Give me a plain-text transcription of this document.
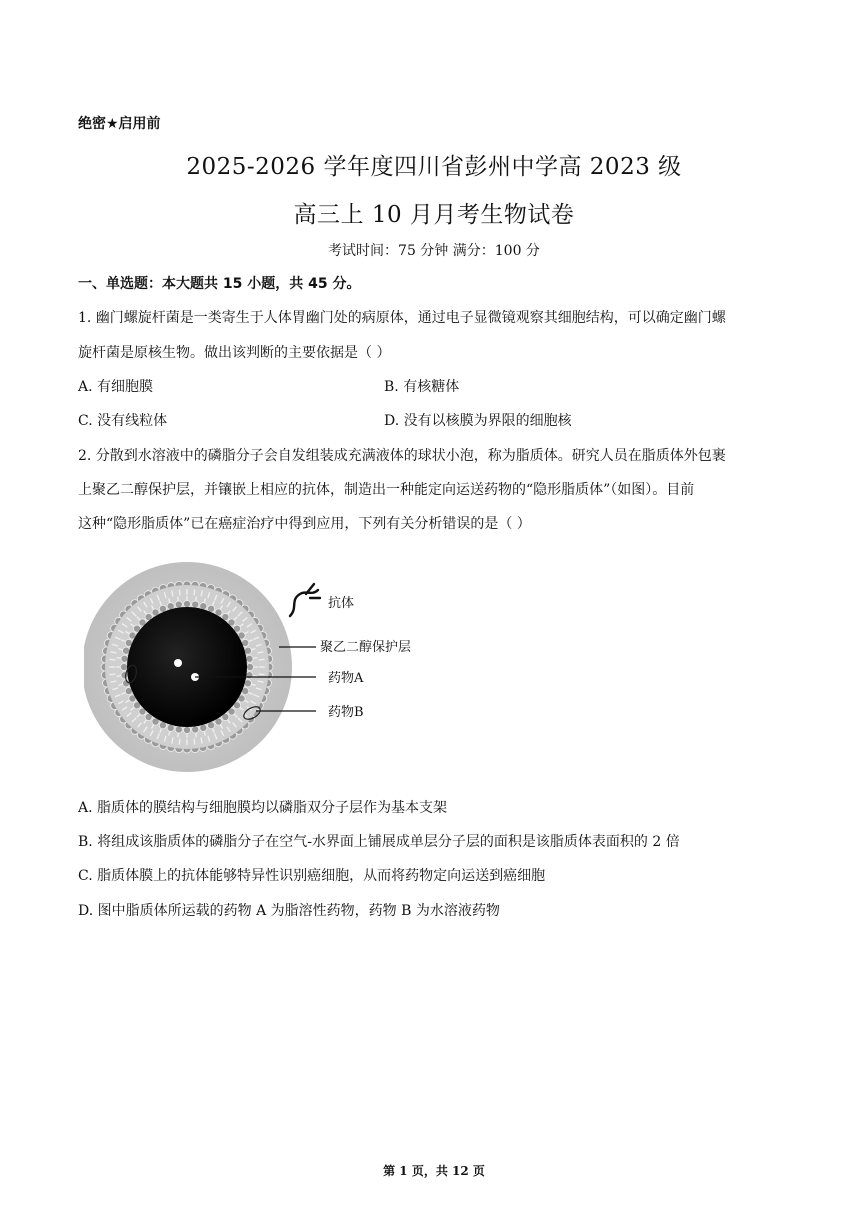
绝密★启用前
2025-2026 学年度四川省彭州中学高 2023 级
高三上 10 月月考生物试卷
考试时间：75 分钟 满分：100 分
一、单选题：本大题共 15 小题，共 45 分。
1. 幽门螺旋杆菌是一类寄生于人体胃幽门处的病原体，通过电子显微镜观察其细胞结构，可以确定幽门螺
旋杆菌是原核生物。做出该判断的主要依据是（ ）
A. 有细胞膜	B. 有核糖体
C. 没有线粒体	D. 没有以核膜为界限的细胞核
2. 分散到水溶液中的磷脂分子会自发组装成充满液体的球状小泡，称为脂质体。研究人员在脂质体外包裹
上聚乙二醇保护层，并镶嵌上相应的抗体，制造出一种能定向运送药物的“隐形脂质体”（如图）。目前
这种“隐形脂质体”已在癌症治疗中得到应用，下列有关分析错误的是（ ）
抗体
聚乙二醇保护层
药物A
药物B
A. 脂质体的膜结构与细胞膜均以磷脂双分子层作为基本支架
B. 将组成该脂质体的磷脂分子在空气-水界面上铺展成单层分子层的面积是该脂质体表面积的 2 倍
C. 脂质体膜上的抗体能够特异性识别癌细胞，从而将药物定向运送到癌细胞
D. 图中脂质体所运载的药物 A 为脂溶性药物，药物 B 为水溶液药物
第 1 页，共 12 页
